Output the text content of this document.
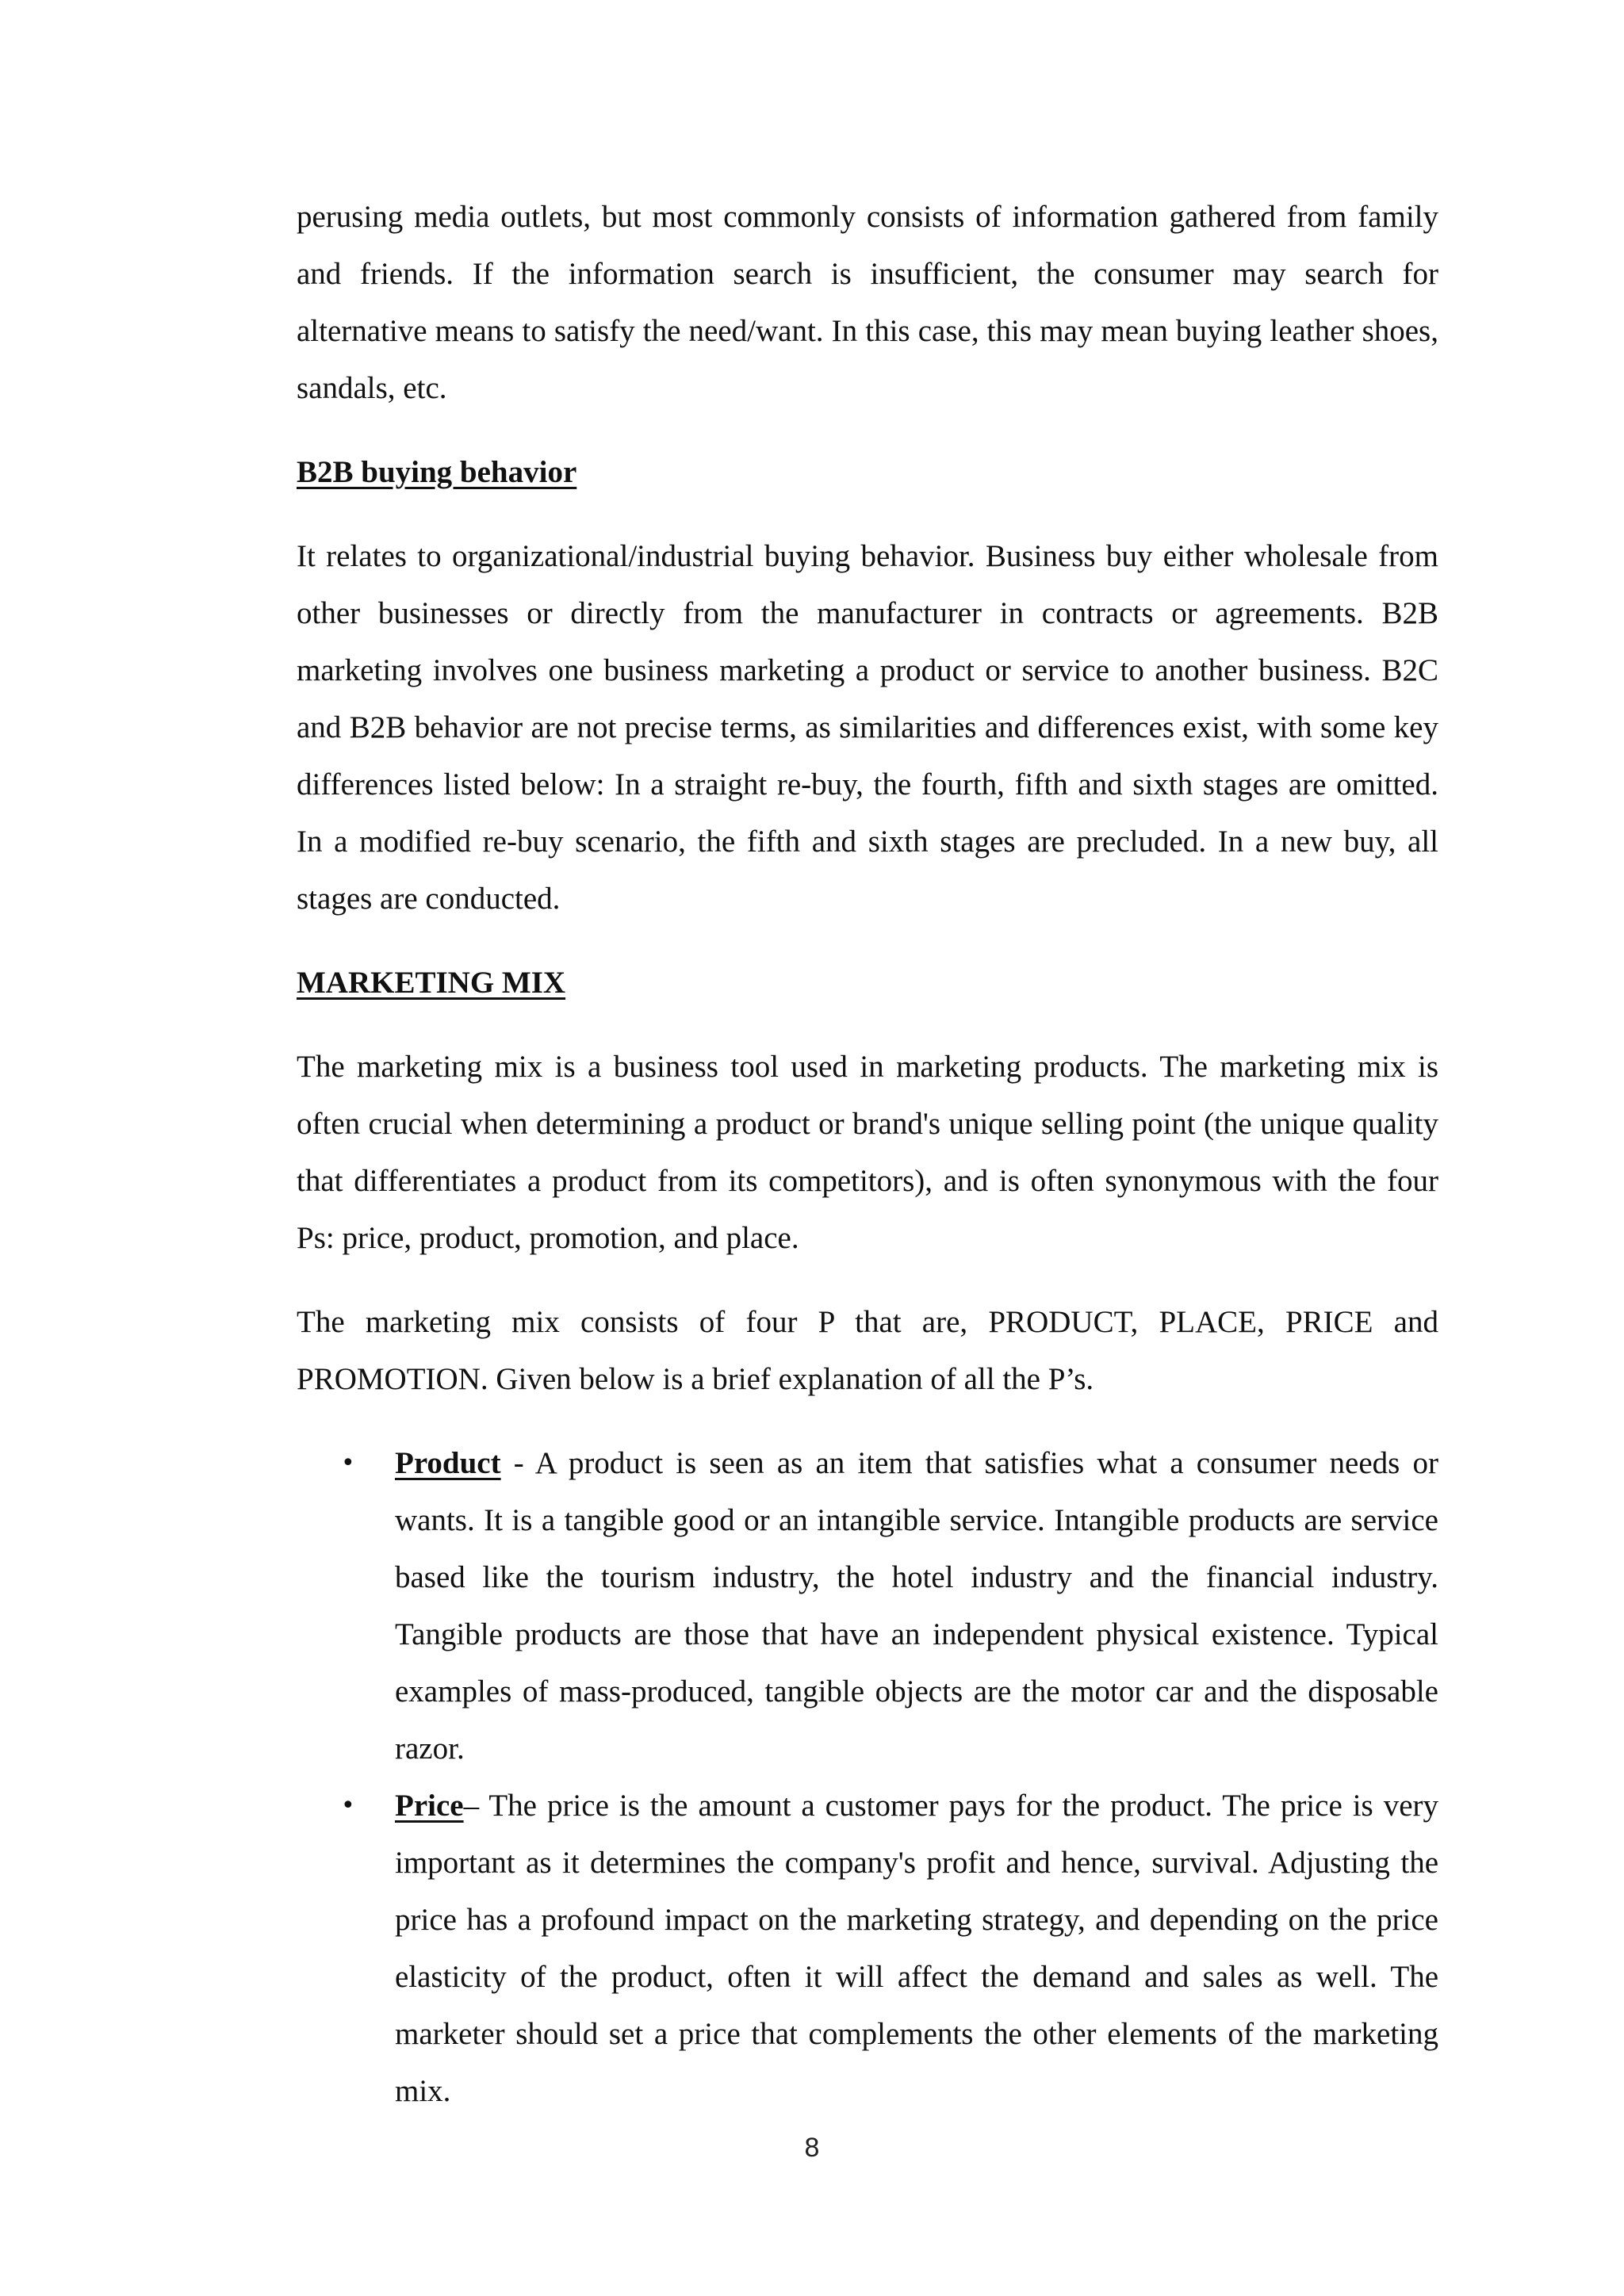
perusing media outlets, but most commonly consists of information gathered from family and friends. If the information search is insufficient, the consumer may search for alternative means to satisfy the need/want. In this case, this may mean buying leather shoes, sandals, etc.

B2B buying behavior

It relates to organizational/industrial buying behavior. Business buy either wholesale from other businesses or directly from the manufacturer in contracts or agreements. B2B marketing involves one business marketing a product or service to another business. B2C and B2B behavior are not precise terms, as similarities and differences exist, with some key differences listed below: In a straight re-buy, the fourth, fifth and sixth stages are omitted. In a modified re-buy scenario, the fifth and sixth stages are precluded. In a new buy, all stages are conducted.

MARKETING MIX

The marketing mix is a business tool used in marketing products. The marketing mix is often crucial when determining a product or brand's unique selling point (the unique quality that differentiates a product from its competitors), and is often synonymous with the four Ps: price, product, promotion, and place.

The marketing mix consists of four P that are, PRODUCT, PLACE, PRICE and PROMOTION. Given below is a brief explanation of all the P’s.

• Product - A product is seen as an item that satisfies what a consumer needs or wants. It is a tangible good or an intangible service. Intangible products are service based like the tourism industry, the hotel industry and the financial industry. Tangible products are those that have an independent physical existence. Typical examples of mass-produced, tangible objects are the motor car and the disposable razor.
• Price– The price is the amount a customer pays for the product. The price is very important as it determines the company's profit and hence, survival. Adjusting the price has a profound impact on the marketing strategy, and depending on the price elasticity of the product, often it will affect the demand and sales as well. The marketer should set a price that complements the other elements of the marketing mix.
8
